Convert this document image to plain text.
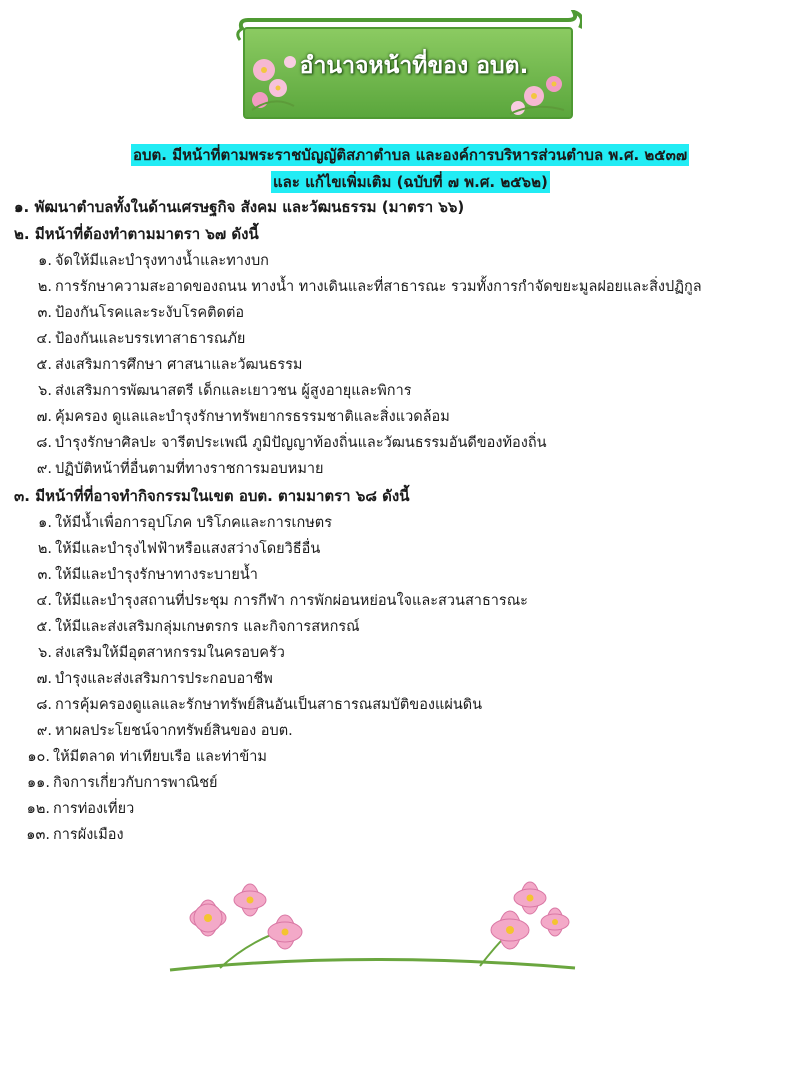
อำนาจหน้าที่ของ อบต.
อบต. มีหน้าที่ตามพระราชบัญญัติสภาตำบล และองค์การบริหารส่วนตำบล พ.ศ. ๒๕๓๗
และ แก้ไขเพิ่มเติม (ฉบับที่ ๗ พ.ศ. ๒๕๖๒)
๑. พัฒนาตำบลทั้งในด้านเศรษฐกิจ สังคม และวัฒนธรรม (มาตรา ๖๖)
๒. มีหน้าที่ต้องทำตามมาตรา ๖๗ ดังนี้
๑. จัดให้มีและบำรุงทางน้ำและทางบก
๒. การรักษาความสะอาดของถนน ทางน้ำ ทางเดินและที่สาธารณะ รวมทั้งการกำจัดขยะมูลฝอยและสิ่งปฏิกูล
๓. ป้องกันโรคและระงับโรคติดต่อ
๔. ป้องกันและบรรเทาสาธารณภัย
๕. ส่งเสริมการศึกษา ศาสนาและวัฒนธรรม
๖. ส่งเสริมการพัฒนาสตรี เด็กและเยาวชน ผู้สูงอายุและพิการ
๗. คุ้มครอง ดูแลและบำรุงรักษาทรัพยากรธรรมชาติและสิ่งแวดล้อม
๘. บำรุงรักษาศิลปะ จารีตประเพณี ภูมิปัญญาท้องถิ่นและวัฒนธรรมอันดีของท้องถิ่น
๙. ปฏิบัติหน้าที่อื่นตามที่ทางราชการมอบหมาย
๓. มีหน้าที่ที่อาจทำกิจกรรมในเขต อบต. ตามมาตรา ๖๘ ดังนี้
๑. ให้มีน้ำเพื่อการอุปโภค บริโภคและการเกษตร
๒. ให้มีและบำรุงไฟฟ้าหรือแสงสว่างโดยวิธีอื่น
๓. ให้มีและบำรุงรักษาทางระบายน้ำ
๔. ให้มีและบำรุงสถานที่ประชุม การกีฬา การพักผ่อนหย่อนใจและสวนสาธารณะ
๕. ให้มีและส่งเสริมกลุ่มเกษตรกร และกิจการสหกรณ์
๖. ส่งเสริมให้มีอุตสาหกรรมในครอบครัว
๗. บำรุงและส่งเสริมการประกอบอาชีพ
๘. การคุ้มครองดูแลและรักษาทรัพย์สินอันเป็นสาธารณสมบัติของแผ่นดิน
๙. หาผลประโยชน์จากทรัพย์สินของ อบต.
๑๐. ให้มีตลาด ท่าเทียบเรือ และท่าข้าม
๑๑. กิจการเกี่ยวกับการพาณิชย์
๑๒. การท่องเที่ยว
๑๓. การผังเมือง
